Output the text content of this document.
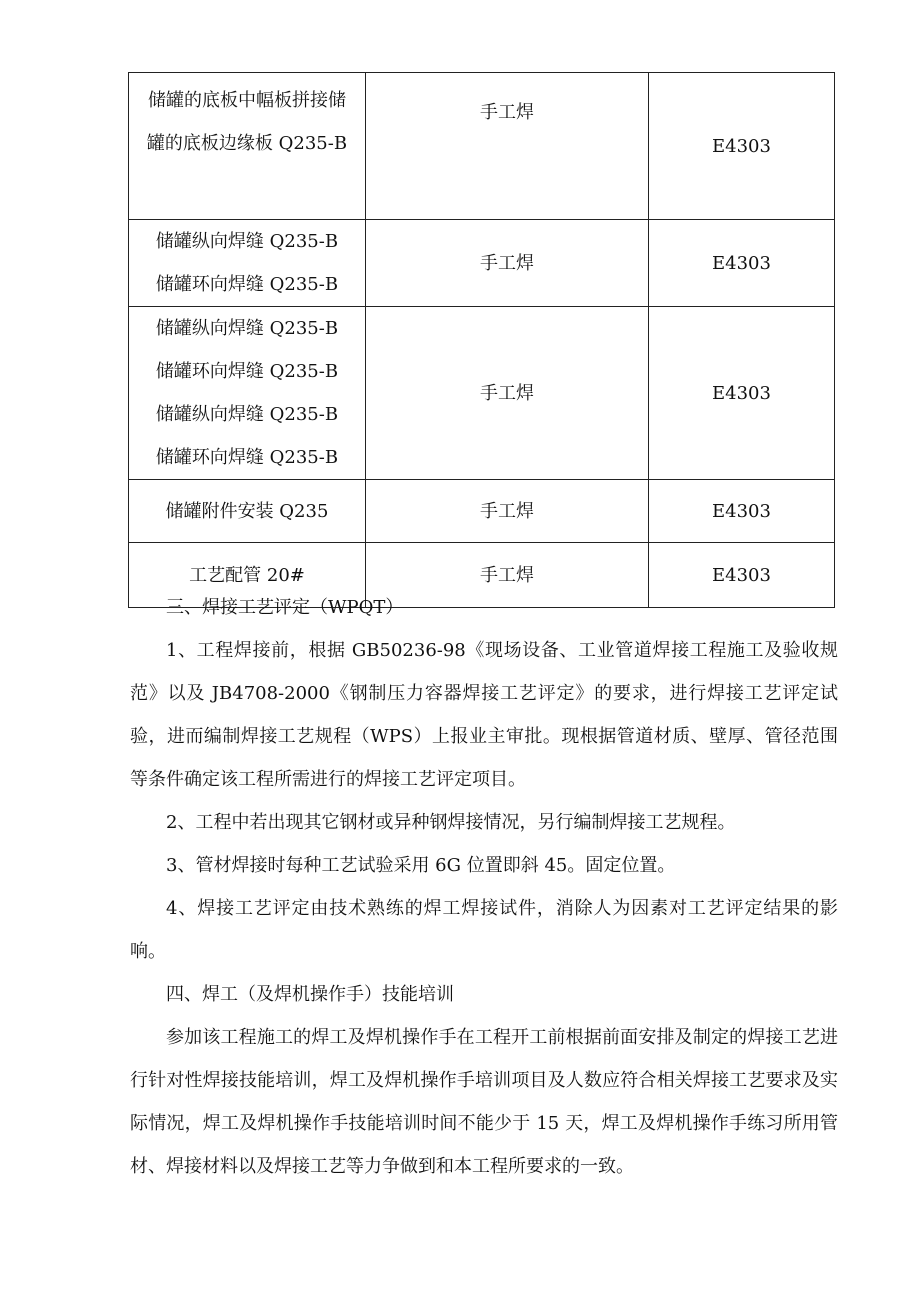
储罐的底板中幅板拼接储
罐的底板边缘板 Q235-B	手工焊	E4303

储罐纵向焊缝 Q235-B
储罐环向焊缝 Q235-B	手工焊	E4303

储罐纵向焊缝 Q235-B
储罐环向焊缝 Q235-B
储罐纵向焊缝 Q235-B
储罐环向焊缝 Q235-B	手工焊	E4303

储罐附件安装 Q235	手工焊	E4303

工艺配管 20#	手工焊	E4303

三、焊接工艺评定（WPQT）

1、工程焊接前，根据 GB50236-98《现场设备、工业管道焊接工程施工及验收规范》以及 JB4708-2000《钢制压力容器焊接工艺评定》的要求，进行焊接工艺评定试验，进而编制焊接工艺规程（WPS）上报业主审批。现根据管道材质、壁厚、管径范围等条件确定该工程所需进行的焊接工艺评定项目。

2、工程中若出现其它钢材或异种钢焊接情况，另行编制焊接工艺规程。

3、管材焊接时每种工艺试验采用 6G 位置即斜 45。固定位置。

4、焊接工艺评定由技术熟练的焊工焊接试件，消除人为因素对工艺评定结果的影响。

四、焊工（及焊机操作手）技能培训

参加该工程施工的焊工及焊机操作手在工程开工前根据前面安排及制定的焊接工艺进行针对性焊接技能培训，焊工及焊机操作手培训项目及人数应符合相关焊接工艺要求及实际情况，焊工及焊机操作手技能培训时间不能少于 15 天，焊工及焊机操作手练习所用管材、焊接材料以及焊接工艺等力争做到和本工程所要求的一致。
